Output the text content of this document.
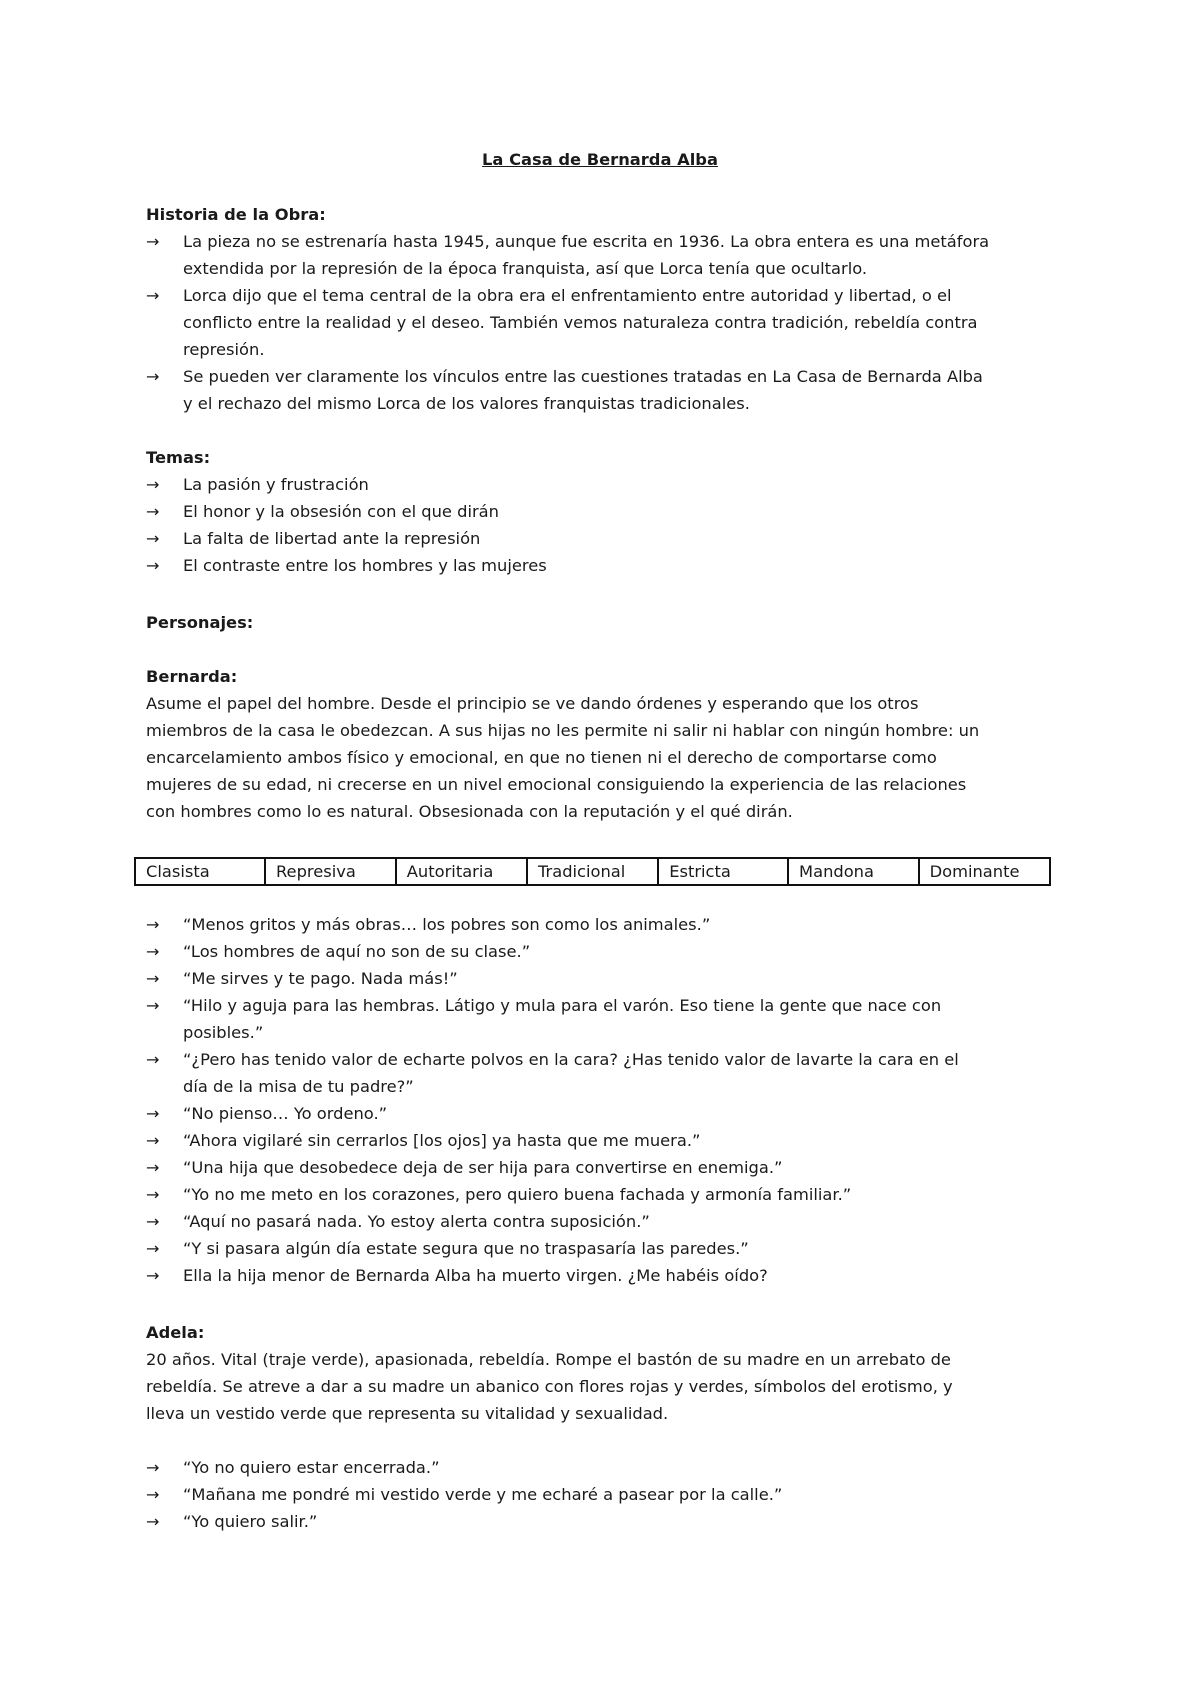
La Casa de Bernarda Alba
Historia de la Obra:
→ La pieza no se estrenaría hasta 1945, aunque fue escrita en 1936. La obra entera es una metáfora
extendida por la represión de la época franquista, así que Lorca tenía que ocultarlo.
→ Lorca dijo que el tema central de la obra era el enfrentamiento entre autoridad y libertad, o el
conflicto entre la realidad y el deseo. También vemos naturaleza contra tradición, rebeldía contra
represión.
→ Se pueden ver claramente los vínculos entre las cuestiones tratadas en La Casa de Bernarda Alba
y el rechazo del mismo Lorca de los valores franquistas tradicionales.
Temas:
→ La pasión y frustración
→ El honor y la obsesión con el que dirán
→ La falta de libertad ante la represión
→ El contraste entre los hombres y las mujeres
Personajes:
Bernarda:
Asume el papel del hombre. Desde el principio se ve dando órdenes y esperando que los otros
miembros de la casa le obedezcan. A sus hijas no les permite ni salir ni hablar con ningún hombre: un
encarcelamiento ambos físico y emocional, en que no tienen ni el derecho de comportarse como
mujeres de su edad, ni crecerse en un nivel emocional consiguiendo la experiencia de las relaciones
con hombres como lo es natural. Obsesionada con la reputación y el qué dirán.
Clasista	Represiva	Autoritaria	Tradicional	Estricta	Mandona	Dominante
→ “Menos gritos y más obras… los pobres son como los animales.”
→ “Los hombres de aquí no son de su clase.”
→ “Me sirves y te pago. Nada más!”
→ “Hilo y aguja para las hembras. Látigo y mula para el varón. Eso tiene la gente que nace con
posibles.”
→ “¿Pero has tenido valor de echarte polvos en la cara? ¿Has tenido valor de lavarte la cara en el
día de la misa de tu padre?”
→ “No pienso… Yo ordeno.”
→ “Ahora vigilaré sin cerrarlos [los ojos] ya hasta que me muera.”
→ “Una hija que desobedece deja de ser hija para convertirse en enemiga.”
→ “Yo no me meto en los corazones, pero quiero buena fachada y armonía familiar.”
→ “Aquí no pasará nada. Yo estoy alerta contra suposición.”
→ “Y si pasara algún día estate segura que no traspasaría las paredes.”
→ Ella la hija menor de Bernarda Alba ha muerto virgen. ¿Me habéis oído?
Adela:
20 años. Vital (traje verde), apasionada, rebeldía. Rompe el bastón de su madre en un arrebato de
rebeldía. Se atreve a dar a su madre un abanico con flores rojas y verdes, símbolos del erotismo, y
lleva un vestido verde que representa su vitalidad y sexualidad.
→ “Yo no quiero estar encerrada.”
→ “Mañana me pondré mi vestido verde y me echaré a pasear por la calle.”
→ “Yo quiero salir.”
